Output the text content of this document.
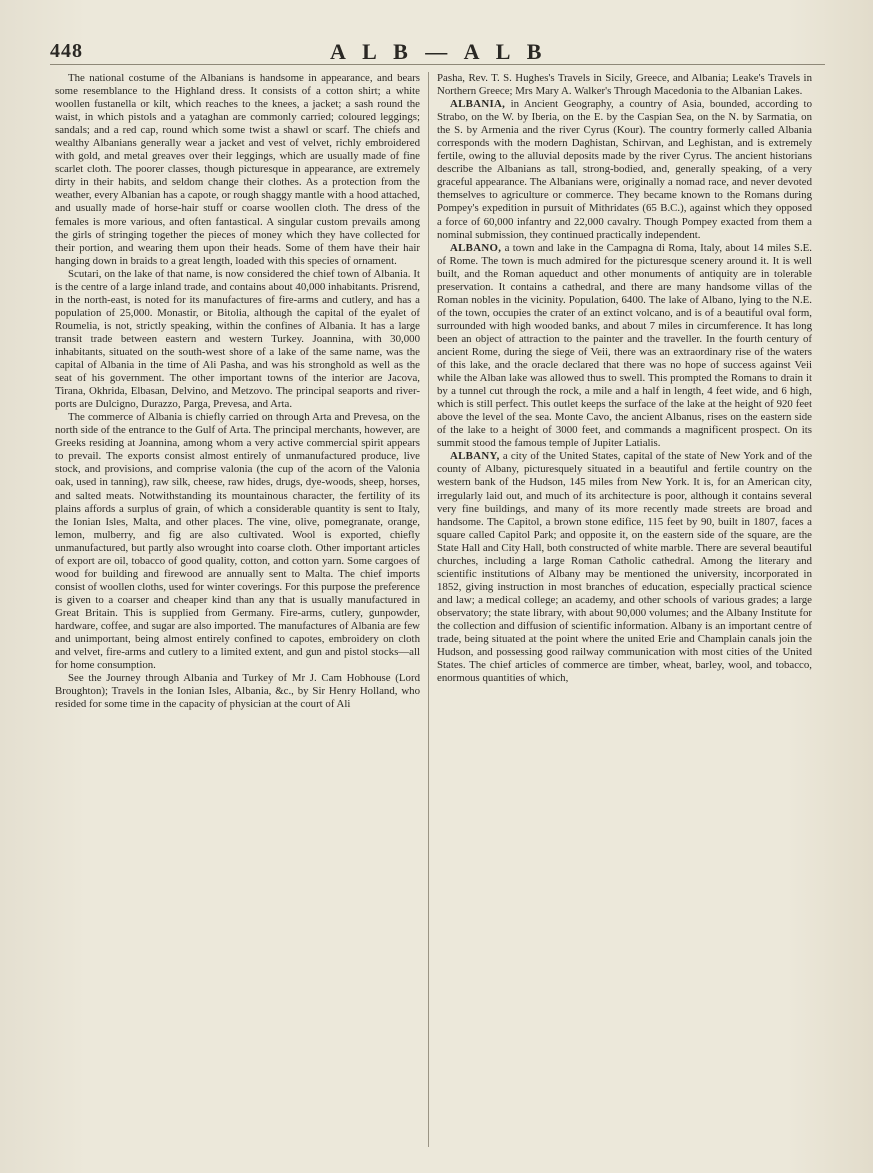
448	A L B — A L B

The national costume of the Albanians is handsome in appearance, and bears some resemblance to the Highland dress. It consists of a cotton shirt; a white woollen fustanella or kilt, which reaches to the knees, a jacket; a sash round the waist, in which pistols and a yataghan are commonly carried; coloured leggings; sandals; and a red cap, round which some twist a shawl or scarf. The chiefs and wealthy Albanians generally wear a jacket and vest of velvet, richly embroidered with gold, and metal greaves over their leggings, which are usually made of fine scarlet cloth. The poorer classes, though picturesque in appearance, are extremely dirty in their habits, and seldom change their clothes. As a protection from the weather, every Albanian has a capote, or rough shaggy mantle with a hood attached, and usually made of horse-hair stuff or coarse woollen cloth. The dress of the females is more various, and often fantastical. A singular custom prevails among the girls of stringing together the pieces of money which they have collected for their portion, and wearing them upon their heads. Some of them have their hair hanging down in braids to a great length, loaded with this species of ornament.

Scutari, on the lake of that name, is now considered the chief town of Albania. It is the centre of a large inland trade, and contains about 40,000 inhabitants. Prisrend, in the north-east, is noted for its manufactures of fire-arms and cutlery, and has a population of 25,000. Monastir, or Bitolia, although the capital of the eyalet of Roumelia, is not, strictly speaking, within the confines of Albania. It has a large transit trade between eastern and western Turkey. Joannina, with 30,000 inhabitants, situated on the south-west shore of a lake of the same name, was the capital of Albania in the time of Ali Pasha, and was his stronghold as well as the seat of his government. The other important towns of the interior are Jacova, Tirana, Okhrida, Elbasan, Delvino, and Metzovo. The principal seaports and river-ports are Dulcigno, Durazzo, Parga, Prevesa, and Arta.

The commerce of Albania is chiefly carried on through Arta and Prevesa, on the north side of the entrance to the Gulf of Arta. The principal merchants, however, are Greeks residing at Joannina, among whom a very active commercial spirit appears to prevail. The exports consist almost entirely of unmanufactured produce, live stock, and provisions, and comprise valonia (the cup of the acorn of the Valonia oak, used in tanning), raw silk, cheese, raw hides, drugs, dye-woods, sheep, horses, and salted meats. Notwithstanding its mountainous character, the fertility of its plains affords a surplus of grain, of which a considerable quantity is sent to Italy, the Ionian Isles, Malta, and other places. The vine, olive, pomegranate, orange, lemon, mulberry, and fig are also cultivated. Wool is exported, chiefly unmanufactured, but partly also wrought into coarse cloth. Other important articles of export are oil, tobacco of good quality, cotton, and cotton yarn. Some cargoes of wood for building and firewood are annually sent to Malta. The chief imports consist of woollen cloths, used for winter coverings. For this purpose the preference is given to a coarser and cheaper kind than any that is usually manufactured in Great Britain. This is supplied from Germany. Fire-arms, cutlery, gunpowder, hardware, coffee, and sugar are also imported. The manufactures of Albania are few and unimportant, being almost entirely confined to capotes, embroidery on cloth and velvet, fire-arms and cutlery to a limited extent, and gun and pistol stocks—all for home consumption.

See the Journey through Albania and Turkey of Mr J. Cam Hobhouse (Lord Broughton); Travels in the Ionian Isles, Albania, &c., by Sir Henry Holland, who resided for some time in the capacity of physician at the court of Ali

Pasha, Rev. T. S. Hughes's Travels in Sicily, Greece, and Albania; Leake's Travels in Northern Greece; Mrs Mary A. Walker's Through Macedonia to the Albanian Lakes.

ALBANIA, in Ancient Geography, a country of Asia, bounded, according to Strabo, on the W. by Iberia, on the E. by the Caspian Sea, on the N. by Sarmatia, on the S. by Armenia and the river Cyrus (Kour). The country formerly called Albania corresponds with the modern Daghistan, Schirvan, and Leghistan, and is extremely fertile, owing to the alluvial deposits made by the river Cyrus. The ancient historians describe the Albanians as tall, strong-bodied, and, generally speaking, of a very graceful appearance. The Albanians were, originally a nomad race, and never devoted themselves to agriculture or commerce. They became known to the Romans during Pompey's expedition in pursuit of Mithridates (65 B.C.), against which they opposed a force of 60,000 infantry and 22,000 cavalry. Though Pompey exacted from them a nominal submission, they continued practically independent.

ALBANO, a town and lake in the Campagna di Roma, Italy, about 14 miles S.E. of Rome. The town is much admired for the picturesque scenery around it. It is well built, and the Roman aqueduct and other monuments of antiquity are in tolerable preservation. It contains a cathedral, and there are many handsome villas of the Roman nobles in the vicinity. Population, 6400. The lake of Albano, lying to the N.E. of the town, occupies the crater of an extinct volcano, and is of a beautiful oval form, surrounded with high wooded banks, and about 7 miles in circumference. It has long been an object of attraction to the painter and the traveller. In the fourth century of ancient Rome, during the siege of Veii, there was an extraordinary rise of the waters of this lake, and the oracle declared that there was no hope of success against Veii while the Alban lake was allowed thus to swell. This prompted the Romans to drain it by a tunnel cut through the rock, a mile and a half in length, 4 feet wide, and 6 high, which is still perfect. This outlet keeps the surface of the lake at the height of 920 feet above the level of the sea. Monte Cavo, the ancient Albanus, rises on the eastern side of the lake to a height of 3000 feet, and commands a magnificent prospect. On its summit stood the famous temple of Jupiter Latialis.

ALBANY, a city of the United States, capital of the state of New York and of the county of Albany, picturesquely situated in a beautiful and fertile country on the western bank of the Hudson, 145 miles from New York. It is, for an American city, irregularly laid out, and much of its architecture is poor, although it contains several very fine buildings, and many of its more recently made streets are broad and handsome. The Capitol, a brown stone edifice, 115 feet by 90, built in 1807, faces a square called Capitol Park; and opposite it, on the eastern side of the square, are the State Hall and City Hall, both constructed of white marble. There are several beautiful churches, including a large Roman Catholic cathedral. Among the literary and scientific institutions of Albany may be mentioned the university, incorporated in 1852, giving instruction in most branches of education, especially practical science and law; a medical college; an academy, and other schools of various grades; a large observatory; the state library, with about 90,000 volumes; and the Albany Institute for the collection and diffusion of scientific information. Albany is an important centre of trade, being situated at the point where the united Erie and Champlain canals join the Hudson, and possessing good railway communication with most cities of the United States. The chief articles of commerce are timber, wheat, barley, wool, and tobacco, enormous quantities of which,
